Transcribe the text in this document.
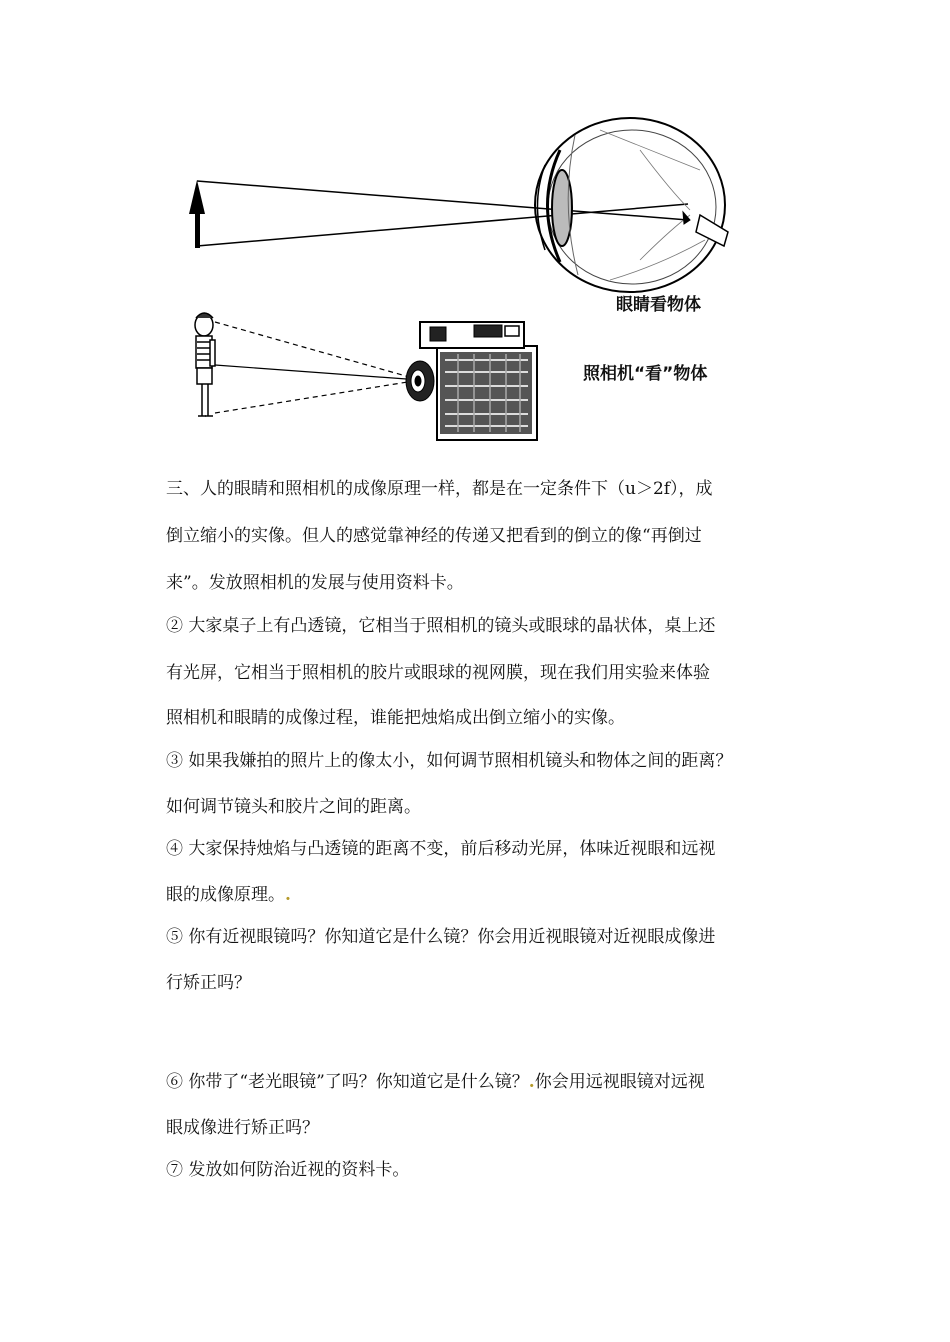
眼睛看物体
照相机“看”物体
三、人的眼睛和照相机的成像原理一样，都是在一定条件下（u＞2f），成
倒立缩小的实像。但人的感觉靠神经的传递又把看到的倒立的像“再倒过
来”。发放照相机的发展与使用资料卡。
② 大家桌子上有凸透镜，它相当于照相机的镜头或眼球的晶状体，桌上还
有光屏，它相当于照相机的胶片或眼球的视网膜，现在我们用实验来体验
照相机和眼睛的成像过程，谁能把烛焰成出倒立缩小的实像。
③ 如果我嫌拍的照片上的像太小，如何调节照相机镜头和物体之间的距离？
如何调节镜头和胶片之间的距离。
④ 大家保持烛焰与凸透镜的距离不变，前后移动光屏，体味近视眼和远视
眼的成像原理。.
⑤ 你有近视眼镜吗？你知道它是什么镜？你会用近视眼镜对近视眼成像进
行矫正吗？
⑥ 你带了“老光眼镜”了吗？你知道它是什么镜？.你会用远视眼镜对远视
眼成像进行矫正吗？
⑦ 发放如何防治近视的资料卡。
